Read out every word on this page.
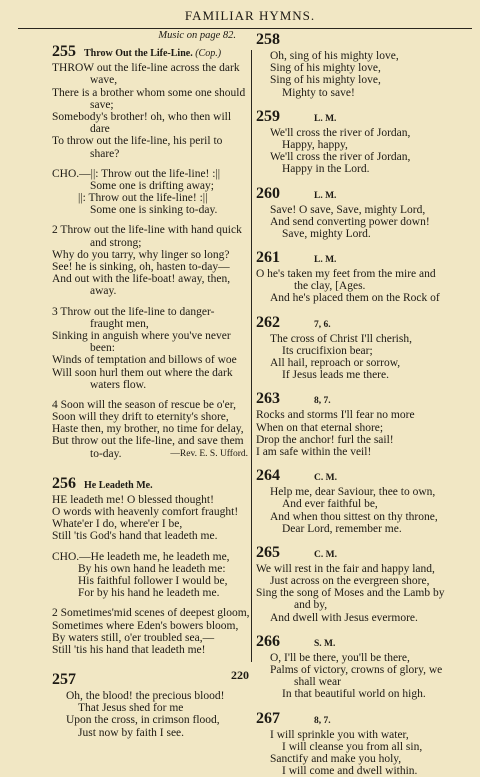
FAMILIAR HYMNS.
Music on page 82.
255 Throw Out the Life-Line. (Cop.)
THROW out the life-line across the dark
wave,
There is a brother whom some one should
save;
Somebody's brother! oh, who then will
dare
To throw out the life-line, his peril to
share?
CHO.—||: Throw out the life-line! :||
Some one is drifting away;
||: Throw out the life-line! :||
Some one is sinking to-day.
2 Throw out the life-line with hand quick
and strong;
Why do you tarry, why linger so long?
See! he is sinking, oh, hasten to-day—
And out with the life-boat! away, then,
away.
3 Throw out the life-line to danger-
fraught men,
Sinking in anguish where you've never
been:
Winds of temptation and billows of woe
Will soon hurl them out where the dark
waters flow.
4 Soon will the season of rescue be o'er,
Soon will they drift to eternity's shore,
Haste then, my brother, no time for delay,
But throw out the life-line, and save them
to-day.	—Rev. E. S. Ufford.
256 He Leadeth Me.
HE leadeth me! O blessed thought!
O words with heavenly comfort fraught!
Whate'er I do, where'er I be,
Still 'tis God's hand that leadeth me.
CHO.—He leadeth me, he leadeth me,
By his own hand he leadeth me:
His faithful follower I would be,
For by his hand he leadeth me.
2 Sometimes'mid scenes of deepest gloom,
Sometimes where Eden's bowers bloom,
By waters still, o'er troubled sea,—
Still 'tis his hand that leadeth me!
257
Oh, the blood! the precious blood!
That Jesus shed for me
Upon the cross, in crimson flood,
Just now by faith I see.
258
Oh, sing of his mighty love,
Sing of his mighty love,
Sing of his mighty love,
Mighty to save!
259	L. M.
We'll cross the river of Jordan,
Happy, happy,
We'll cross the river of Jordan,
Happy in the Lord.
260	L. M.
Save! O save, Save, mighty Lord,
And send converting power down!
Save, mighty Lord.
261	L. M.
O he's taken my feet from the mire and
the clay, [Ages.
And he's placed them on the Rock of
262	7, 6.
The cross of Christ I'll cherish,
Its crucifixion bear;
All hail, reproach or sorrow,
If Jesus leads me there.
263	8, 7.
Rocks and storms I'll fear no more
When on that eternal shore;
Drop the anchor! furl the sail!
I am safe within the veil!
264	C. M.
Help me, dear Saviour, thee to own,
And ever faithful be,
And when thou sittest on thy throne,
Dear Lord, remember me.
265	C. M.
We will rest in the fair and happy land,
Just across on the evergreen shore,
Sing the song of Moses and the Lamb by
and by,
And dwell with Jesus evermore.
266	S. M.
O, I'll be there, you'll be there,
Palms of victory, crowns of glory, we
shall wear
In that beautiful world on high.
267	8, 7.
I will sprinkle you with water,
I will cleanse you from all sin,
Sanctify and make you holy,
I will come and dwell within.
220
